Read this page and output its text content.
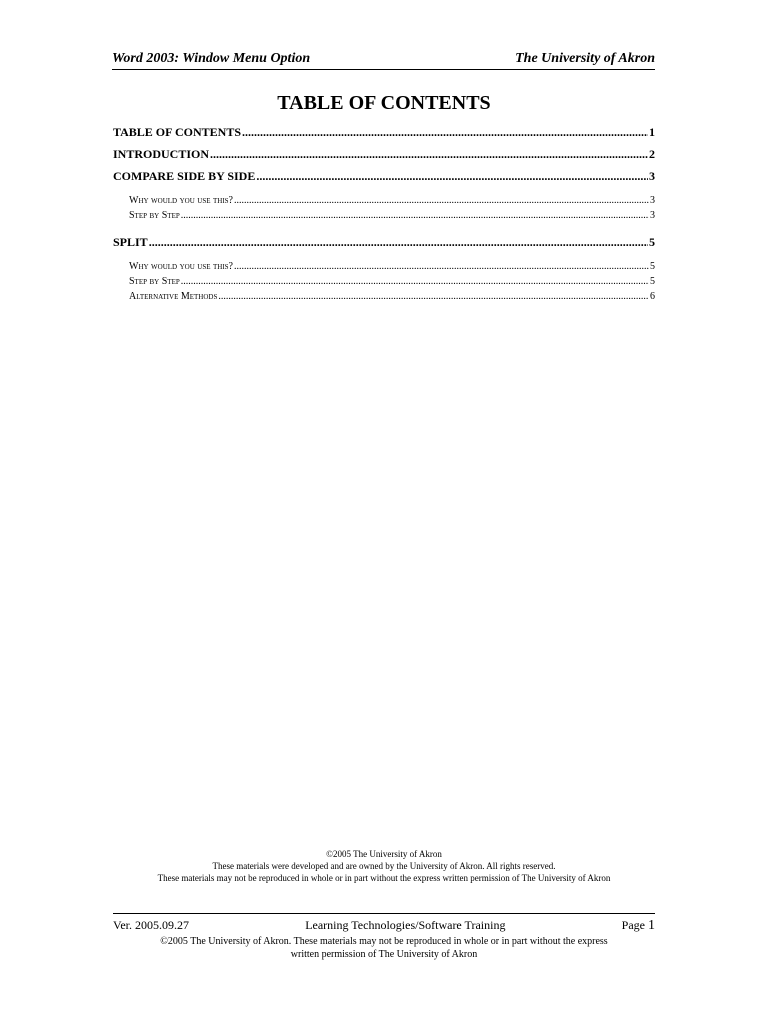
Word 2003: Window Menu Option	The University of Akron
TABLE OF CONTENTS
TABLE OF CONTENTS .....	1
INTRODUCTION .....	2
COMPARE SIDE BY SIDE .....	3
Why would you use this? .....	3
Step by Step .....	3
SPLIT .....	5
Why would you use this? .....	5
Step by Step .....	5
Alternative Methods .....	6
©2005 The University of Akron
These materials were developed and are owned by the University of Akron. All rights reserved.
These materials may not be reproduced in whole or in part without the express written permission of The University of Akron
Ver. 2005.09.27	Learning Technologies/Software Training	Page 1
©2005 The University of Akron. These materials may not be reproduced in whole or in part without the express
written permission of The University of Akron
